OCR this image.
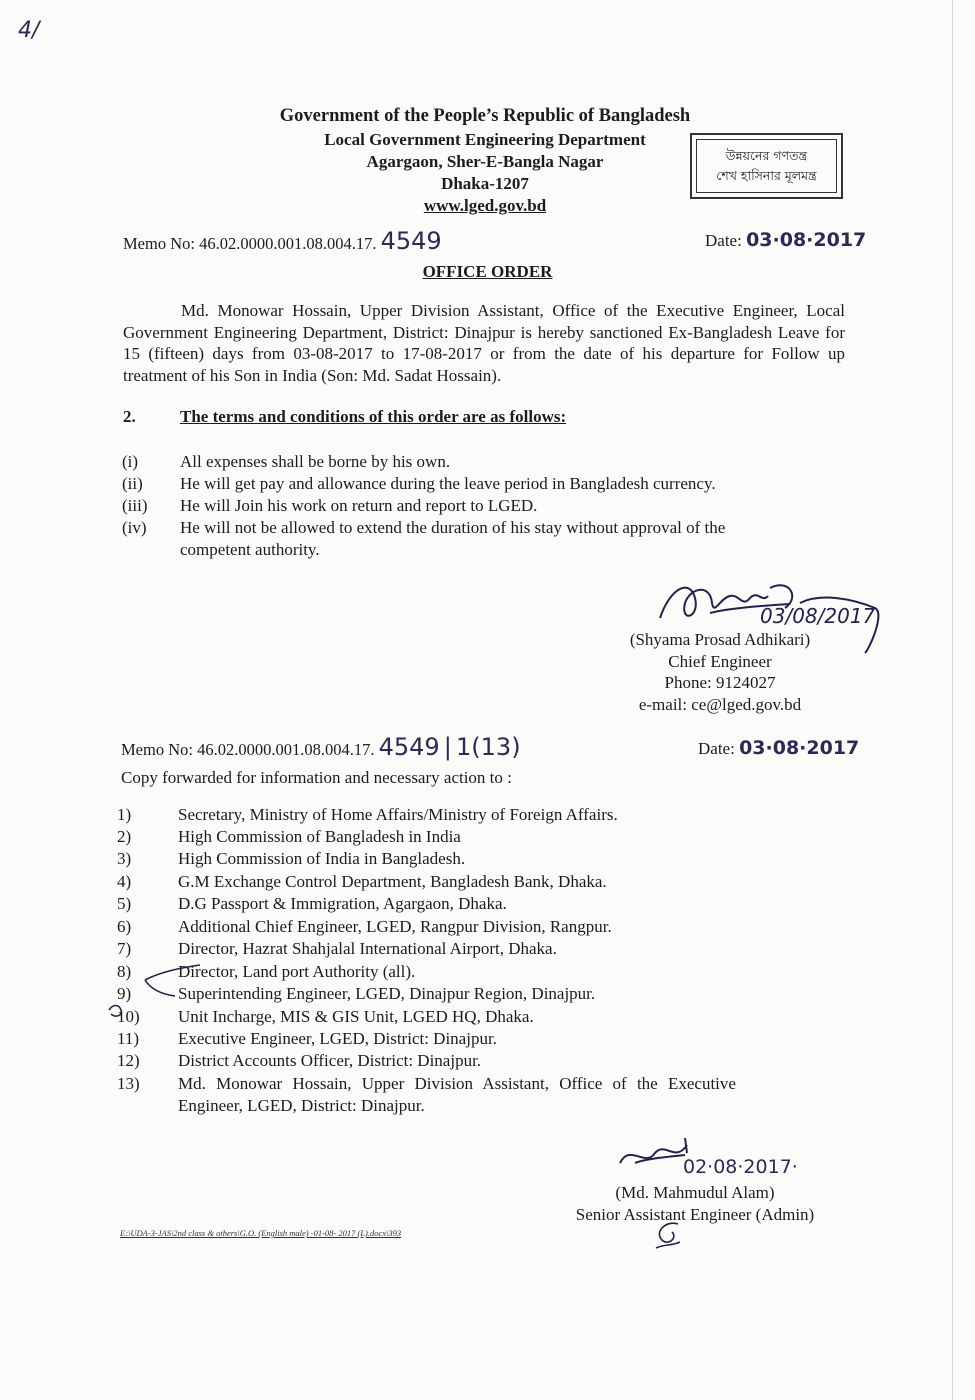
4/
Government of the People’s Republic of Bangladesh
Local Government Engineering Department
Agargaon, Sher-E-Bangla Nagar
Dhaka-1207
www.lged.gov.bd
উন্নয়নের গণতন্ত্র
শেখ হাসিনার মূলমন্ত্র
Memo No: 46.02.0000.001.08.004.17. 4549	Date: 03·08·2017
OFFICE ORDER
Md. Monowar Hossain, Upper Division Assistant, Office of the Executive Engineer, Local Government Engineering Department, District: Dinajpur is hereby sanctioned Ex-Bangladesh Leave for 15 (fifteen) days from 03-08-2017 to 17-08-2017 or from the date of his departure for Follow up treatment of his Son in India (Son: Md. Sadat Hossain).
2.	The terms and conditions of this order are as follows:
(i) All expenses shall be borne by his own.
(ii) He will get pay and allowance during the leave period in Bangladesh currency.
(iii) He will Join his work on return and report to LGED.
(iv) He will not be allowed to extend the duration of his stay without approval of the
competent authority.
03/08/2017
(Shyama Prosad Adhikari)
Chief Engineer
Phone: 9124027
e-mail: ce@lged.gov.bd
Memo No: 46.02.0000.001.08.004.17. 4549 | 1(13)	Date: 03·08·2017
Copy forwarded for information and necessary action to :
1)	Secretary, Ministry of Home Affairs/Ministry of Foreign Affairs.
2)	High Commission of Bangladesh in India
3)	High Commission of India in Bangladesh.
4)	G.M Exchange Control Department, Bangladesh Bank, Dhaka.
5)	D.G Passport & Immigration, Agargaon, Dhaka.
6)	Additional Chief Engineer, LGED, Rangpur Division, Rangpur.
7)	Director, Hazrat Shahjalal International Airport, Dhaka.
8)	Director, Land port Authority (all).
9)	Superintending Engineer, LGED, Dinajpur Region, Dinajpur.
10) Unit Incharge, MIS & GIS Unit, LGED HQ, Dhaka.
11) Executive Engineer, LGED, District: Dinajpur.
12) District Accounts Officer, District: Dinajpur.
13) Md. Monowar Hossain, Upper Division Assistant, Office of the Executive
Engineer, LGED, District: Dinajpur.
02·08·2017·
(Md. Mahmudul Alam)
Senior Assistant Engineer (Admin)
E:\UDA-3-JAS\2nd class & others\G.O. (English male) -01-08- 2017 (L).docx\393
